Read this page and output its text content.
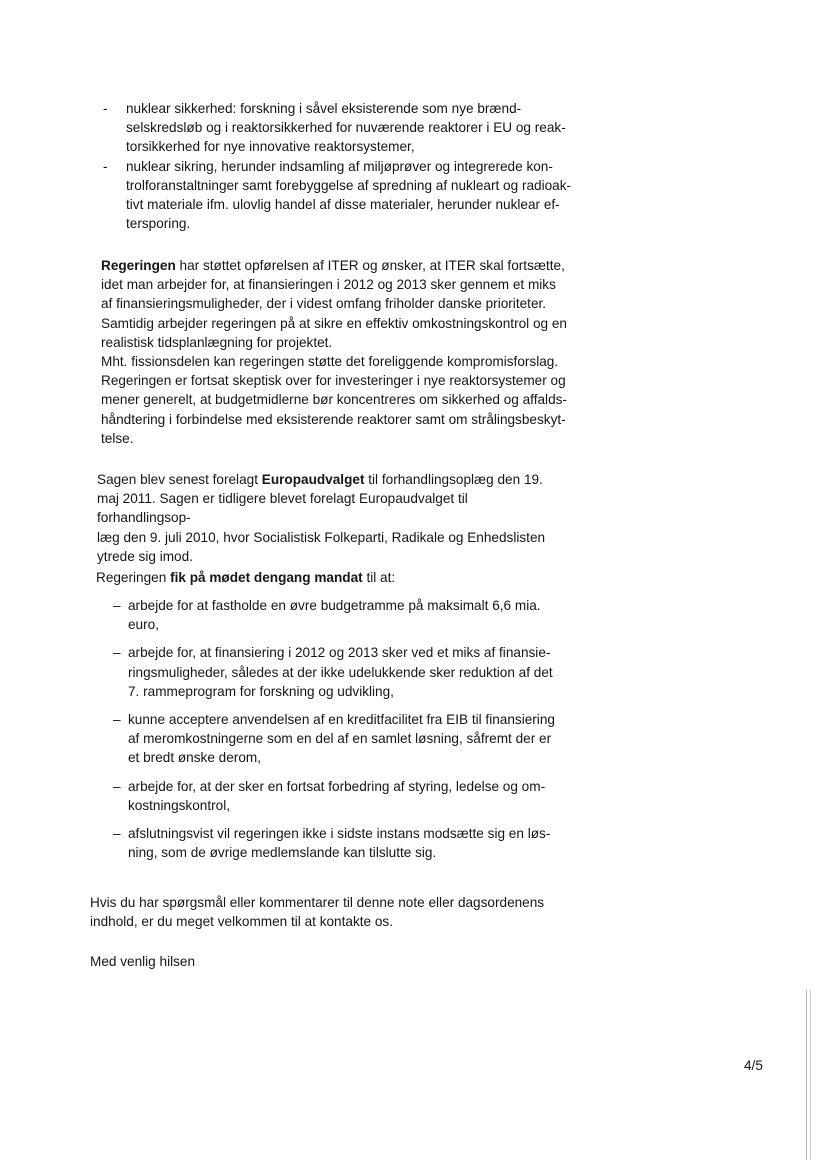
- nuklear sikkerhed: forskning i såvel eksisterende som nye brænd-
selskredsløb og i reaktorsikkerhed for nuværende reaktorer i EU og reak-
torsikkerhed for nye innovative reaktorsystemer,
- nuklear sikring, herunder indsamling af miljøprøver og integrerede kon-
trolforanstaltninger samt forebyggelse af spredning af nukleart og radioak-
tivt materiale ifm. ulovlig handel af disse materialer, herunder nuklear ef-
tersporing.

Regeringen har støttet opførelsen af ITER og ønsker, at ITER skal fortsætte,
idet man arbejder for, at finansieringen i 2012 og 2013 sker gennem et miks
af finansieringsmuligheder, der i videst omfang friholder danske prioriteter.
Samtidig arbejder regeringen på at sikre en effektiv omkostningskontrol og en
realistisk tidsplanlægning for projektet.
Mht. fissionsdelen kan regeringen støtte det foreliggende kompromisforslag.
Regeringen er fortsat skeptisk over for investeringer i nye reaktorsystemer og
mener generelt, at budgetmidlerne bør koncentreres om sikkerhed og affalds-
håndtering i forbindelse med eksisterende reaktorer samt om strålingsbeskyt-
telse.

Sagen blev senest forelagt Europaudvalget til forhandlingsoplæg den 19.
maj 2011. Sagen er tidligere blevet forelagt Europaudvalget til forhandlingsop-
læg den 9. juli 2010, hvor Socialistisk Folkeparti, Radikale og Enhedslisten
ytrede sig imod.

Regeringen fik på mødet dengang mandat til at:

– arbejde for at fastholde en øvre budgetramme på maksimalt 6,6 mia.
euro,
– arbejde for, at finansiering i 2012 og 2013 sker ved et miks af finansie-
ringsmuligheder, således at der ikke udelukkende sker reduktion af det
7. rammeprogram for forskning og udvikling,
– kunne acceptere anvendelsen af en kreditfacilitet fra EIB til finansiering
af meromkostningerne som en del af en samlet løsning, såfremt der er
et bredt ønske derom,
– arbejde for, at der sker en fortsat forbedring af styring, ledelse og om-
kostningskontrol,
– afslutningsvist vil regeringen ikke i sidste instans modsætte sig en løs-
ning, som de øvrige medlemslande kan tilslutte sig.

Hvis du har spørgsmål eller kommentarer til denne note eller dagsordenens
indhold, er du meget velkommen til at kontakte os.

Med venlig hilsen

4/5
